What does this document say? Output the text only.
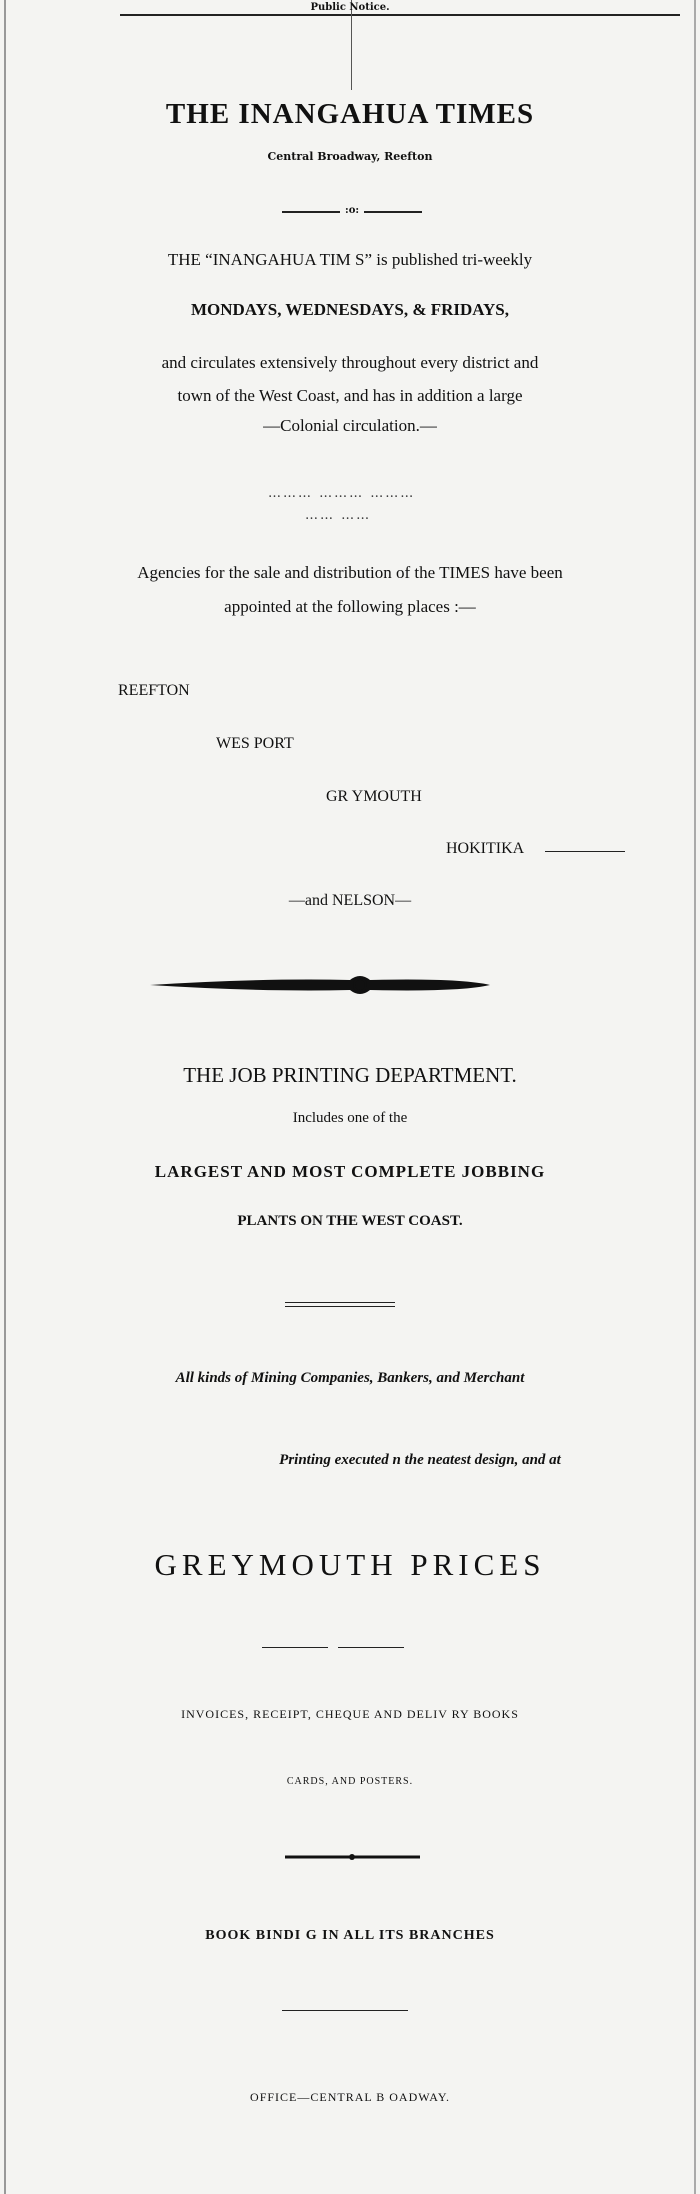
Public Notice.
THE INANGAHUA TIMES
Central Broadway, Reefton
:o:
THE “INANGAHUA TIM S” is published tri-weekly
MONDAYS, WEDNESDAYS, & FRIDAYS,
and circulates extensively throughout every district and
town of the West Coast, and has in addition a large
—Colonial circulation.—
……… ……… ………
…… ……
Agencies for the sale and distribution of the TIMES have been
appointed at the following places :—
REEFTON
WES PORT
GR YMOUTH
HOKITIKA
—and NELSON—
THE JOB PRINTING DEPARTMENT.
Includes one of the
LARGEST AND MOST COMPLETE JOBBING
PLANTS ON THE WEST COAST.
All kinds of Mining Companies, Bankers, and Merchant
Printing executed n the neatest design, and at
GREYMOUTH PRICES
INVOICES, RECEIPT, CHEQUE AND DELIV RY BOOKS
CARDS, AND POSTERS.
BOOK BINDI G IN ALL ITS BRANCHES
OFFICE—CENTRAL B OADWAY.
